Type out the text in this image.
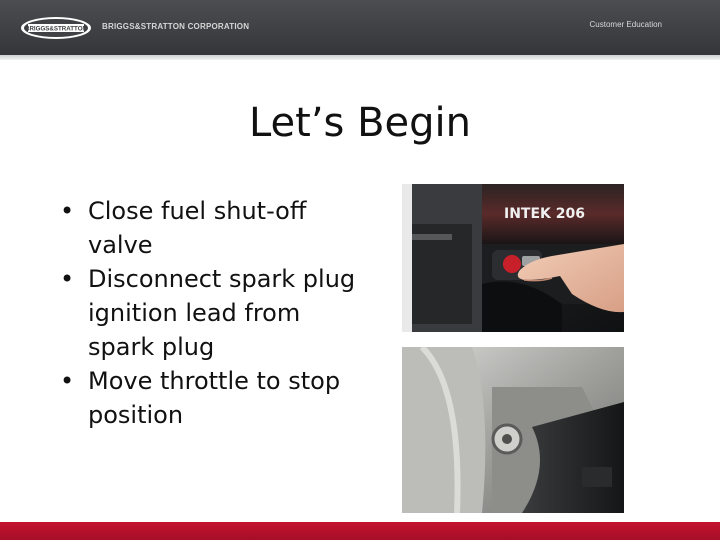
BRIGGS&STRATTON BRIGGS&STRATTON CORPORATION	Customer Education
Let’s Begin
• Close fuel shut-off valve
• Disconnect spark plug ignition lead from spark plug
• Move throttle to stop position
INTEK 206
